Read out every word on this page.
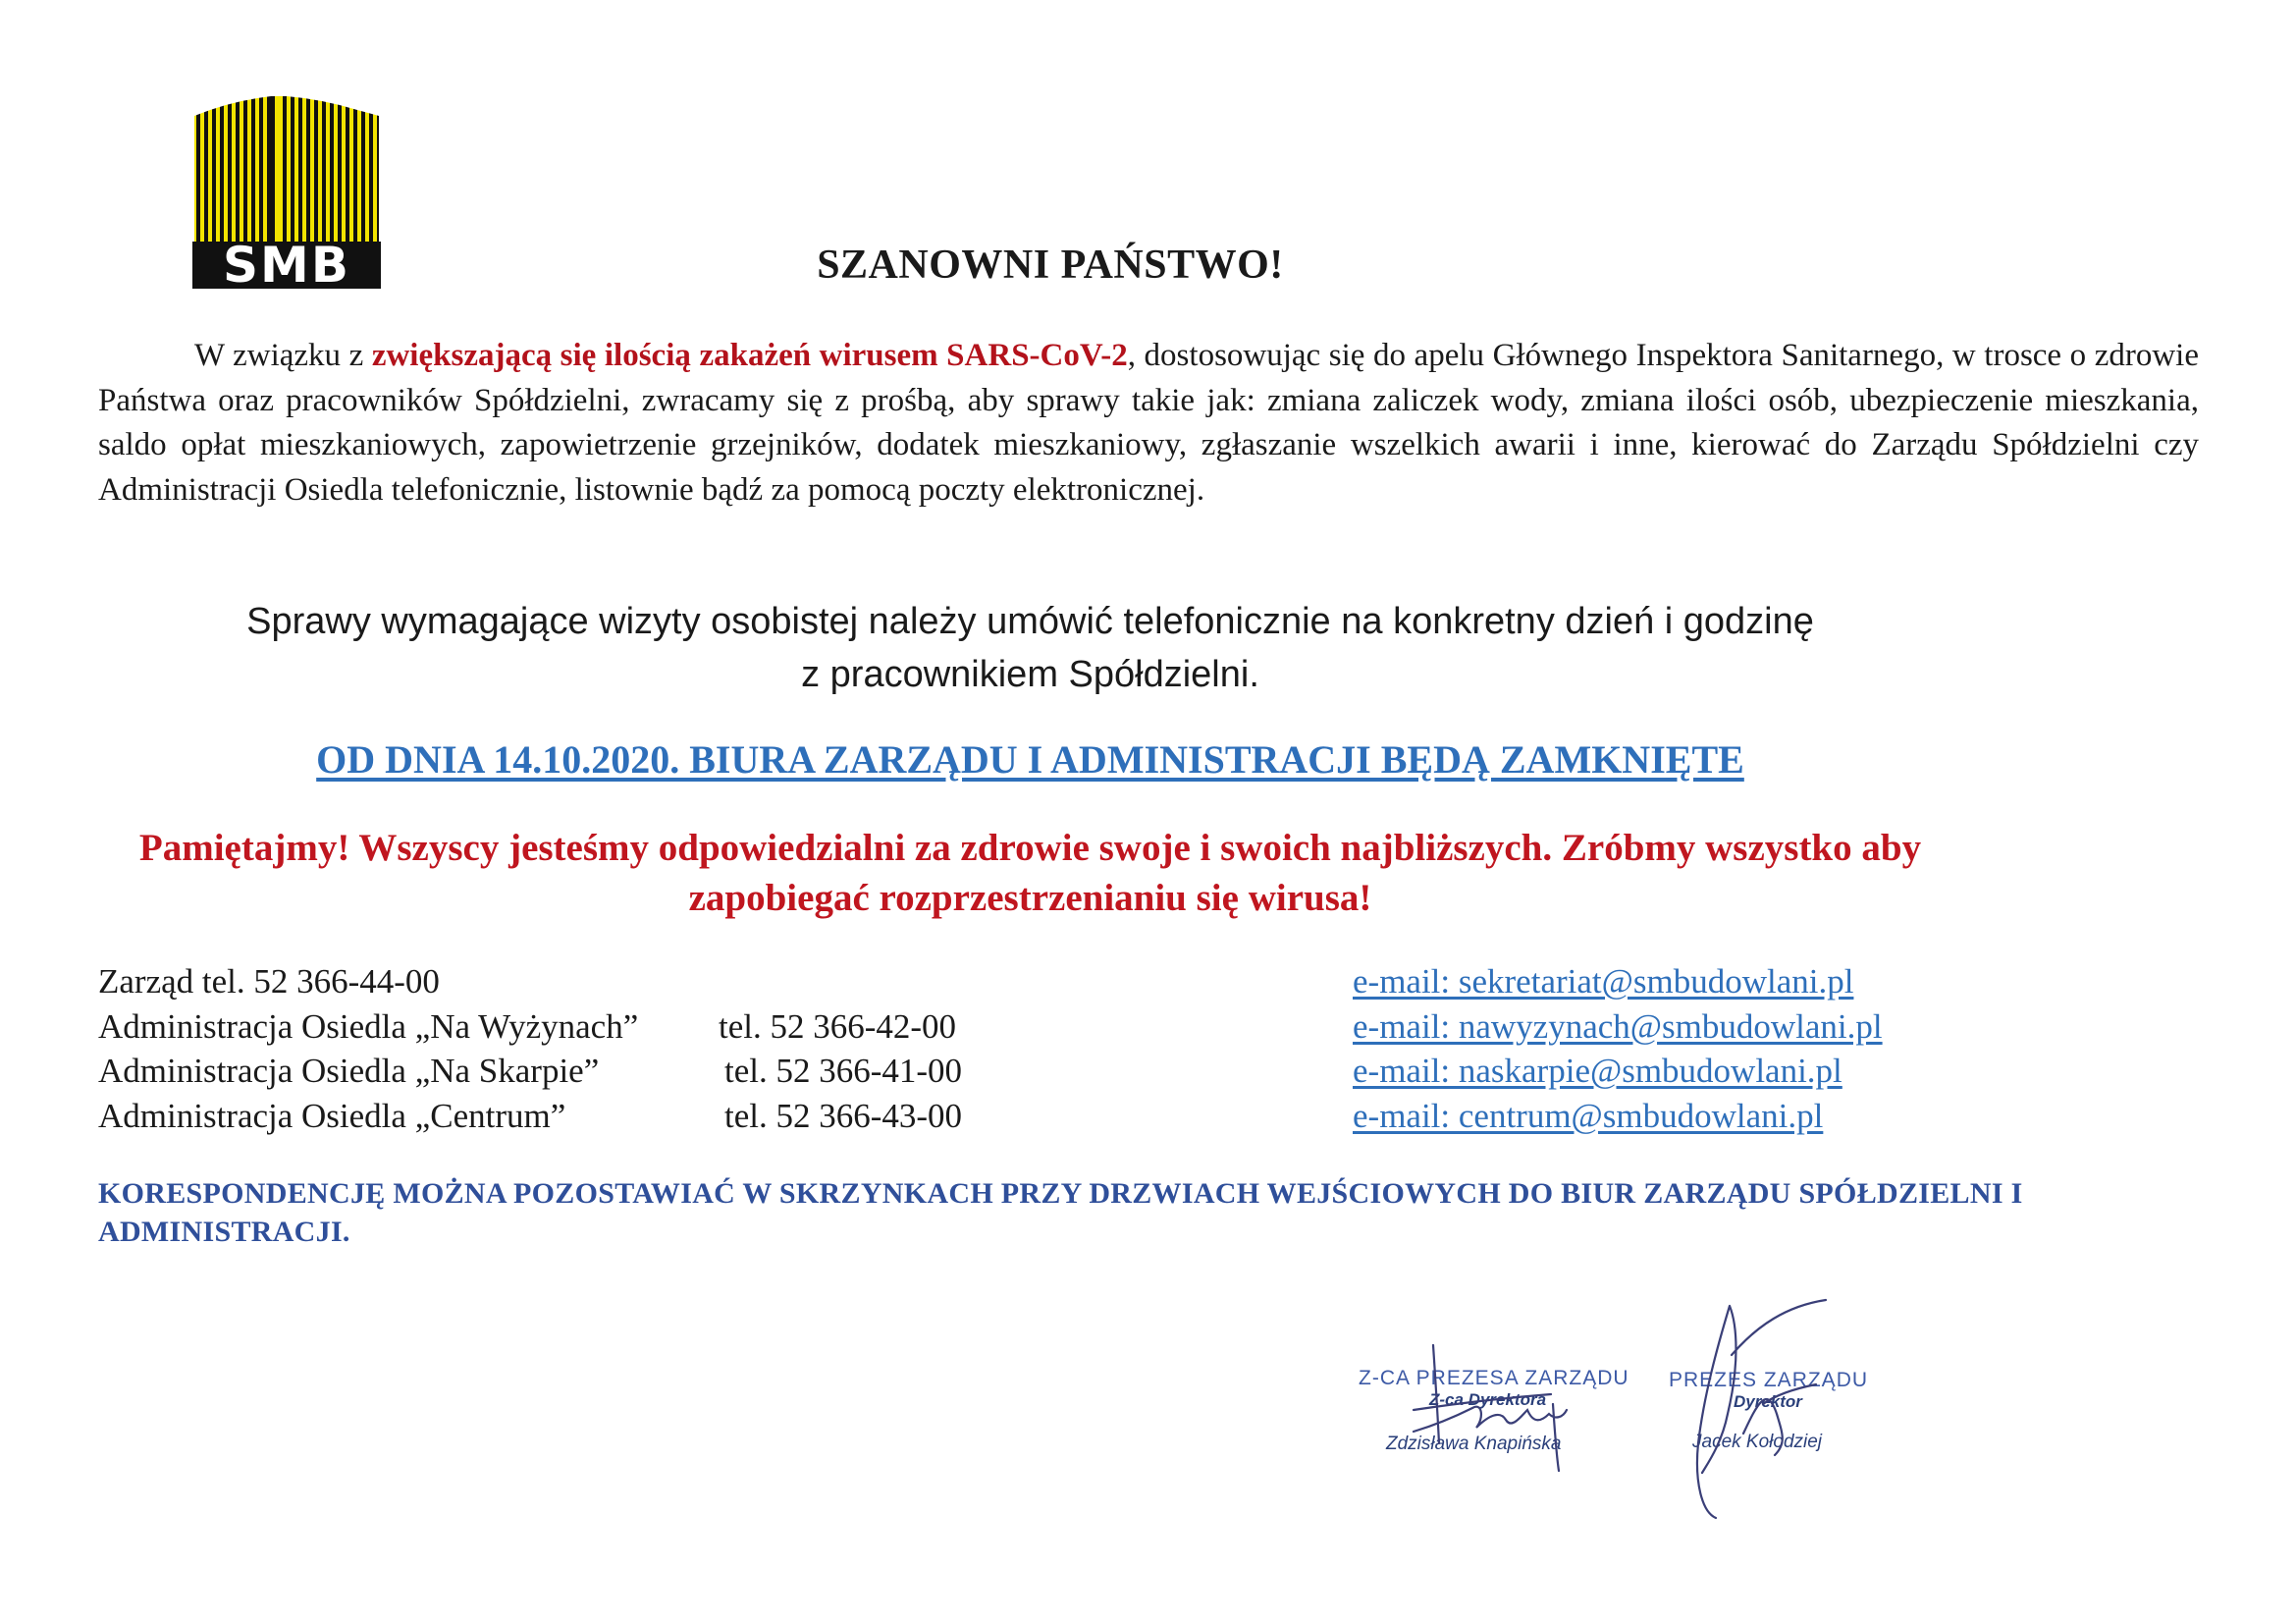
SMB	SZANOWNI PAŃSTWO!

W związku z zwiększającą się ilością zakażeń wirusem SARS-CoV-2, dostosowując się do apelu Głównego Inspektora Sanitarnego, w trosce o zdrowie Państwa oraz pracowników Spółdzielni, zwracamy się z prośbą, aby sprawy takie jak: zmiana zaliczek wody, zmiana ilości osób, ubezpieczenie mieszkania, saldo opłat mieszkaniowych, zapowietrzenie grzejników, dodatek mieszkaniowy, zgłaszanie wszelkich awarii i inne, kierować do Zarządu Spółdzielni czy Administracji Osiedla telefonicznie, listownie bądź za pomocą poczty elektronicznej.

Sprawy wymagające wizyty osobistej należy umówić telefonicznie na konkretny dzień i godzinę
z pracownikiem Spółdzielni.
OD DNIA 14.10.2020. BIURA ZARZĄDU I ADMINISTRACJI BĘDĄ ZAMKNIĘTE
Pamiętajmy! Wszyscy jesteśmy odpowiedzialni za zdrowie swoje i swoich najbliższych. Zróbmy wszystko aby
zapobiegać rozprzestrzenianiu się wirusa!
Zarząd tel. 52 366-44-00	e-mail: sekretariat@smbudowlani.pl
Administracja Osiedla „Na Wyżynach” tel. 52 366-42-00	e-mail: nawyzynach@smbudowlani.pl
Administracja Osiedla „Na Skarpie”	tel. 52 366-41-00	e-mail: naskarpie@smbudowlani.pl
Administracja Osiedla „Centrum”	tel. 52 366-43-00	e-mail: centrum@smbudowlani.pl

KORESPONDENCJĘ MOŻNA POZOSTAWIAĆ W SKRZYNKACH PRZY DRZWIACH WEJŚCIOWYCH DO BIUR ZARZĄDU SPÓŁDZIELNI I ADMINISTRACJI.

Z-CA PREZESA ZARZĄDU
Z-ca Dyrektora
Zdzisława Knapińska
PREZES ZARZĄDU
Dyrektor
Jacek Kołodziej
